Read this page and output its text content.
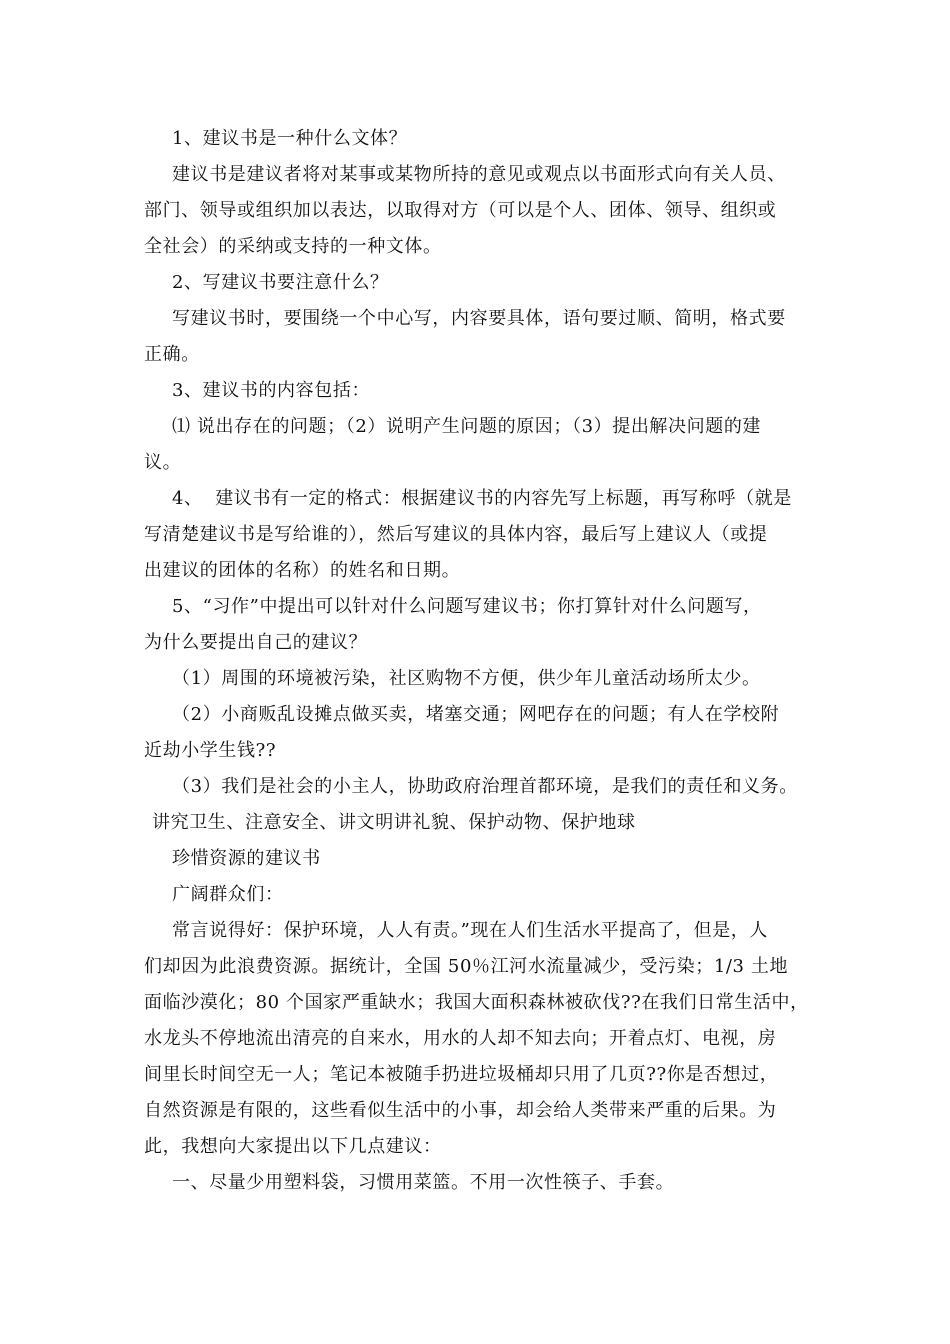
1、建议书是一种什么文体？
建议书是建议者将对某事或某物所持的意见或观点以书面形式向有关人员、
部门、领导或组织加以表达，以取得对方（可以是个人、团体、领导、组织或
全社会）的采纳或支持的一种文体。
2、写建议书要注意什么？
写建议书时，要围绕一个中心写，内容要具体，语句要过顺、简明，格式要
正确。
3、建议书的内容包括：
⑴ 说出存在的问题；（2）说明产生问题的原因；（3）提出解决问题的建
议。
4、  建议书有一定的格式：根据建议书的内容先写上标题，再写称呼（就是
写清楚建议书是写给谁的），然后写建议的具体内容，最后写上建议人（或提
出建议的团体的名称）的姓名和日期。
5、“习作”中提出可以针对什么问题写建议书；你打算针对什么问题写，
为什么要提出自己的建议？
（1）周围的环境被污染，社区购物不方便，供少年儿童活动场所太少。
（2）小商贩乱设摊点做买卖，堵塞交通；网吧存在的问题；有人在学校附
近劫小学生钱??
（3）我们是社会的小主人，协助政府治理首都环境，是我们的责任和义务。
讲究卫生、注意安全、讲文明讲礼貌、保护动物、保护地球
珍惜资源的建议书
广阔群众们：
常言说得好：保护环境，人人有责。”现在人们生活水平提高了，但是，人
们却因为此浪费资源。据统计，全国 50％江河水流量减少，受污染；1/3 土地
面临沙漠化；80 个国家严重缺水；我国大面积森林被砍伐??在我们日常生活中，
水龙头不停地流出清亮的自来水，用水的人却不知去向；开着点灯、电视，房
间里长时间空无一人；笔记本被随手扔进垃圾桶却只用了几页??你是否想过，
自然资源是有限的，这些看似生活中的小事，却会给人类带来严重的后果。为
此，我想向大家提出以下几点建议：
一、尽量少用塑料袋，习惯用菜篮。不用一次性筷子、手套。
